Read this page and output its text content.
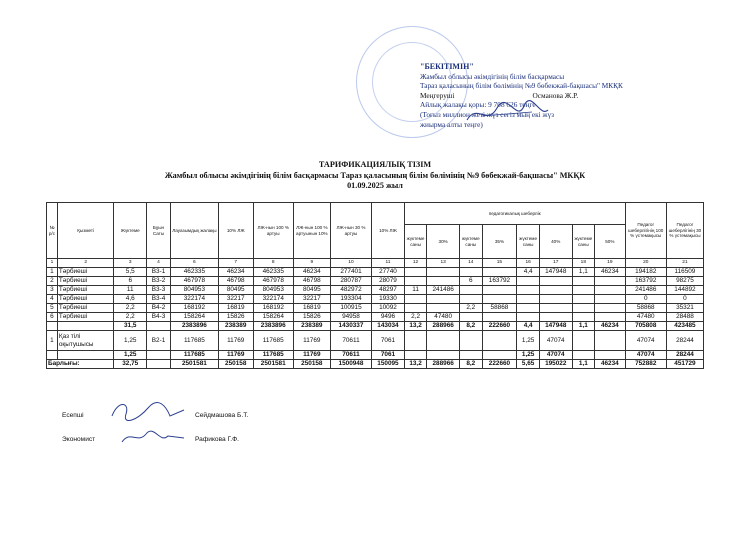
"БЕКІТІМІН"
Жамбыл облысы әкімдігінің білім басқармасы
Тараз қаласының білім бөлімінің №9 бөбекжай-бақшасы" МКҚК
Меңгеруші	Османова Ж.Р.
Айлық жалақы қоры: 9 708 626 теңге
(Тоғыз миллион жеті жүз сегіз мың екі жүз
жиырма алты теңге)
ТАРИФИКАЦИЯЛЫҚ ТІЗІМ
Жамбыл облысы әкімдігінің білім басқармасы Тараз қаласының білім бөлімінің №9 бөбекжай-бақшасы" МКҚК
01.09.2025 жыл
№ р/с	Қызметі	Жүктеме	Бұын Саты	Лауазымдық жалақы	10% ЛЖ	ЛЖ-нын 100 % артуы	ЛЖ-нын 100 % артуынын 10%	ЛЖ-нын 30 % артуы	10% ЛЖ	педагогикалық шеберлік								Педагог шеберлігінің 100 % үстемақысы	Педагог шеберлігінің 30 % үстемақысы
										жүктеме саны	30%	жүктеме саны	35%	жүктеме саны	40%	жүктеме саны	50%		
1	2	3	4	6	7	8	9	10	11	12	13	14	15	16	17	18	19	20	21
1	Тәрбиеші	5,5	В3-1	462335	46234	462335	46234	277401	27740					4,4	147948	1,1	46234	194182	116509
2	Тәрбиеші	6	В3-2	467978	46798	467978	46798	280787	28079			6	163792					163792	98275
3	Тәрбиеші	11	В3-3	804953	80495	804953	80495	482972	48297	11	241486							241486	144892
4	Тәрбиеші	4,6	В3-4	322174	32217	322174	32217	193304	19330									0	0
5	Тәрбиеші	2,2	В4-2	168192	16819	168192	16819	100915	10092			2,2	58868					58868	35321
6	Тәрбиеші	2,2	В4-3	158264	15826	158264	15826	94958	9496	2,2	47480							47480	28488
		31,5		2383896	238389	2383896	238389	1430337	143034	13,2	288966	8,2	222660	4,4	147948	1,1	46234	705808	423485
1	Қаз тілі оқытушысы	1,25	В2-1	117685	11769	117685	11769	70611	7061					1,25	47074			47074	28244
		1,25		117685	11769	117685	11769	70611	7061					1,25	47074			47074	28244
Барлығы:		32,75		2501581	250158	2501581	250158	1500948	150095	13,2	288966	8,2	222660	5,65	195022	1,1	46234	752882	451729
Есепші	Сейдмашова Б.Т.
Экономист	Рафикова Г.Ф.
